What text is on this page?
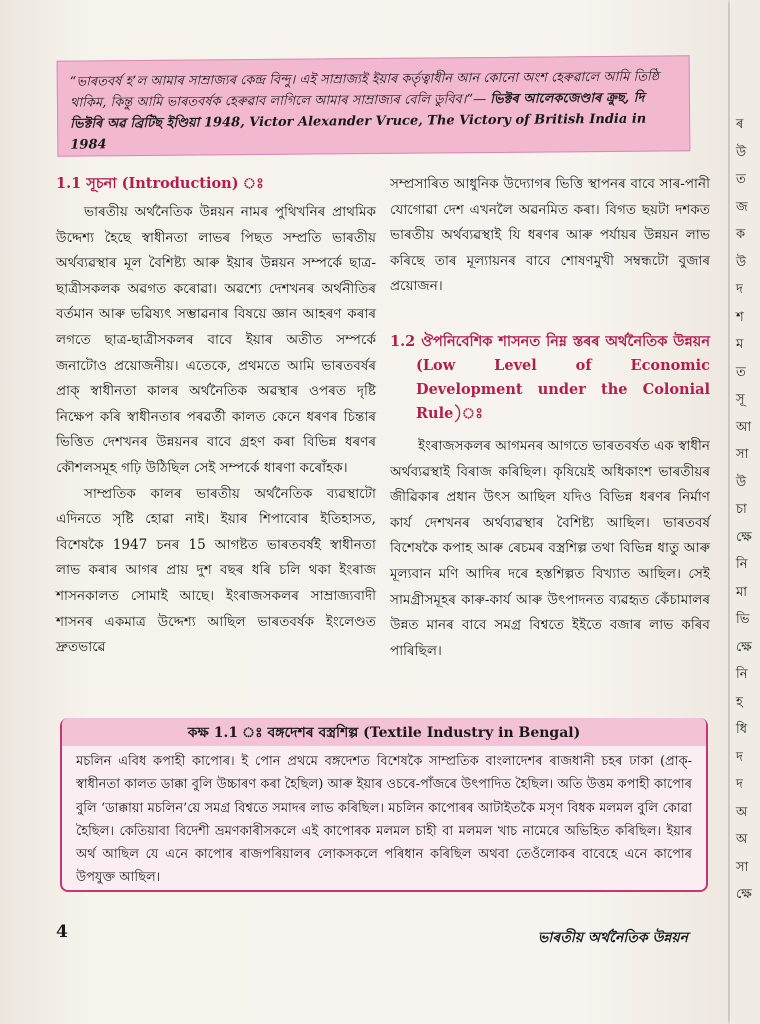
“ভাৰতবৰ্ষ হ’ল আমাৰ সাম্ৰাজ্যৰ কেন্দ্ৰ বিন্দু। এই সাম্ৰাজ্যই ইয়াৰ কৰ্তৃত্বাধীন আন কোনো অংশ হেৰুৱালে আমি তিষ্ঠি থাকিম, কিন্তু আমি ভাৰতবৰ্ষক হেৰুৱাব লাগিলে আমাৰ সাম্ৰাজ্যৰ বেলি ডুবিব।”— ভিক্টৰ আলেকজেণ্ডাৰ ক্ৰুছ, দি ভিক্টৰি অৱ ব্ৰিটিছ ইণ্ডিয়া 1948, Victor Alexander Vruce, The Victory of British India in 1984
1.1 সূচনা (Introduction) ঃ

ভাৰতীয় অৰ্থনৈতিক উন্নয়ন নামৰ পুথিখনিৰ প্ৰাথমিক উদ্দেশ্য হৈছে স্বাধীনতা লাভৰ পিছত সম্প্ৰতি ভাৰতীয় অৰ্থব্যৱস্থাৰ মূল বৈশিষ্ট্য আৰু ইয়াৰ উন্নয়ন সম্পৰ্কে ছাত্ৰ-ছাত্ৰীসকলক অৱগত কৰোৱা। অৱশ্যে দেশখনৰ অৰ্থনীতিৰ বৰ্তমান আৰু ভৱিষ্যৎ সম্ভাৱনাৰ বিষয়ে জ্ঞান আহৰণ কৰাৰ লগতে ছাত্ৰ-ছাত্ৰীসকলৰ বাবে ইয়াৰ অতীত সম্পৰ্কে জনাটোও প্ৰয়োজনীয়। এতেকে, প্ৰথমতে আমি ভাৰতবৰ্ষৰ প্ৰাক্ স্বাধীনতা কালৰ অৰ্থনৈতিক অৱস্থাৰ ওপৰত দৃষ্টি নিক্ষেপ কৰি স্বাধীনতাৰ পৰৱৰ্তী কালত কেনে ধৰণৰ চিন্তাৰ ভিত্তিত দেশখনৰ উন্নয়নৰ বাবে গ্ৰহণ কৰা বিভিন্ন ধৰণৰ কৌশলসমূহ গঢ়ি উঠিছিল সেই সম্পৰ্কে ধাৰণা কৰোঁহক।

সাম্প্ৰতিক কালৰ ভাৰতীয় অৰ্থনৈতিক ব্যৱস্থাটো এদিনতে সৃষ্টি হোৱা নাই। ইয়াৰ শিপাবোৰ ইতিহাসত, বিশেষকৈ 1947 চনৰ 15 আগষ্টত ভাৰতবৰ্ষই স্বাধীনতা লাভ কৰাৰ আগৰ প্ৰায় দুশ বছৰ ধৰি চলি থকা ইংৰাজ শাসনকালত সোমাই আছে। ইংৰাজসকলৰ সাম্ৰাজ্যবাদী শাসনৰ একমাত্ৰ উদ্দেশ্য আছিল ভাৰতবৰ্ষক ইংলেণ্ডত দ্ৰুতভাৱে

সম্প্ৰসাৰিত আধুনিক উদ্যোগৰ ভিত্তি স্থাপনৰ বাবে সাৰ-পানী যোগোৱা দেশ এখনলৈ অৱনমিত কৰা। বিগত ছয়টা দশকত ভাৰতীয় অৰ্থব্যৱস্থাই যি ধৰণৰ আৰু পৰ্যায়ৰ উন্নয়ন লাভ কৰিছে তাৰ মূল্যায়নৰ বাবে শোষণমুখী সম্বন্ধটো বুজাৰ প্ৰয়োজন।

1.2 ঔপনিবেশিক শাসনত নিম্ন স্তৰৰ অৰ্থনৈতিক উন্নয়ন (Low Level of Economic Development under the Colonial Rule)ঃ

ইংৰাজসকলৰ আগমনৰ আগতে ভাৰতবৰ্ষত এক স্বাধীন অৰ্থব্যৱস্থাই বিৰাজ কৰিছিল। কৃষিয়েই অধিকাংশ ভাৰতীয়ৰ জীৱিকাৰ প্ৰধান উৎস আছিল যদিও বিভিন্ন ধৰণৰ নিৰ্মাণ কাৰ্য দেশখনৰ অৰ্থব্যৱস্থাৰ বৈশিষ্ট্য আছিল। ভাৰতবৰ্ষ বিশেষকৈ কপাহ আৰু ৰেচমৰ বস্ত্ৰশিল্প তথা বিভিন্ন ধাতু আৰু মূল্যবান মণি আদিৰ দৰে হস্তশিল্পত বিখ্যাত আছিল। সেই সামগ্ৰীসমূহৰ কাৰু-কাৰ্য আৰু উৎপাদনত ব্যৱহৃত কেঁচামালৰ উন্নত মানৰ বাবে সমগ্ৰ বিশ্বতে ইইতে বজাৰ লাভ কৰিব পাৰিছিল।

কক্ষ 1.1 ঃ বঙ্গদেশৰ বস্ত্ৰশিল্প (Textile Industry in Bengal)
মচলিন এবিধ কপাহী কাপোৰ। ই পোন প্ৰথমে বঙ্গদেশত বিশেষকৈ সাম্প্ৰতিক বাংলাদেশৰ ৰাজধানী চহৰ ঢাকা (প্ৰাক্-স্বাধীনতা কালত ডাক্কা বুলি উচ্চাৰণ কৰা হৈছিল) আৰু ইয়াৰ ওচৰে-পাঁজৰে উৎপাদিত হৈছিল। অতি উত্তম কপাহী কাপোৰ বুলি ‘ডাক্কায়া মচলিন’য়ে সমগ্ৰ বিশ্বতে সমাদৰ লাভ কৰিছিল। মচলিন কাপোৰৰ আটাইতকৈ মসৃণ বিধক মলমল বুলি কোৱা হৈছিল। কেতিয়াবা বিদেশী ভ্ৰমণকাৰীসকলে এই কাপোৰক মলমল চাহী বা মলমল খাচ নামেৰে অভিহিত কৰিছিল। ইয়াৰ অৰ্থ আছিল যে এনে কাপোৰ ৰাজপৰিয়ালৰ লোকসকলে পৰিধান কৰিছিল অথবা তেওঁলোকৰ বাবেহে এনে কাপোৰ উপযুক্ত আছিল।
4	ভাৰতীয় অৰ্থনৈতিক উন্নয়ন
ৰ
উ
ত
জ
ক
উ
দ
শ
ম
ত
সূ
আ
সা
উ
চা
ক্ষে
নি
মা
ভি
ক্ষে
নি
হ
ধি
দ
দ
অ
অ
সা
ক্ষে
